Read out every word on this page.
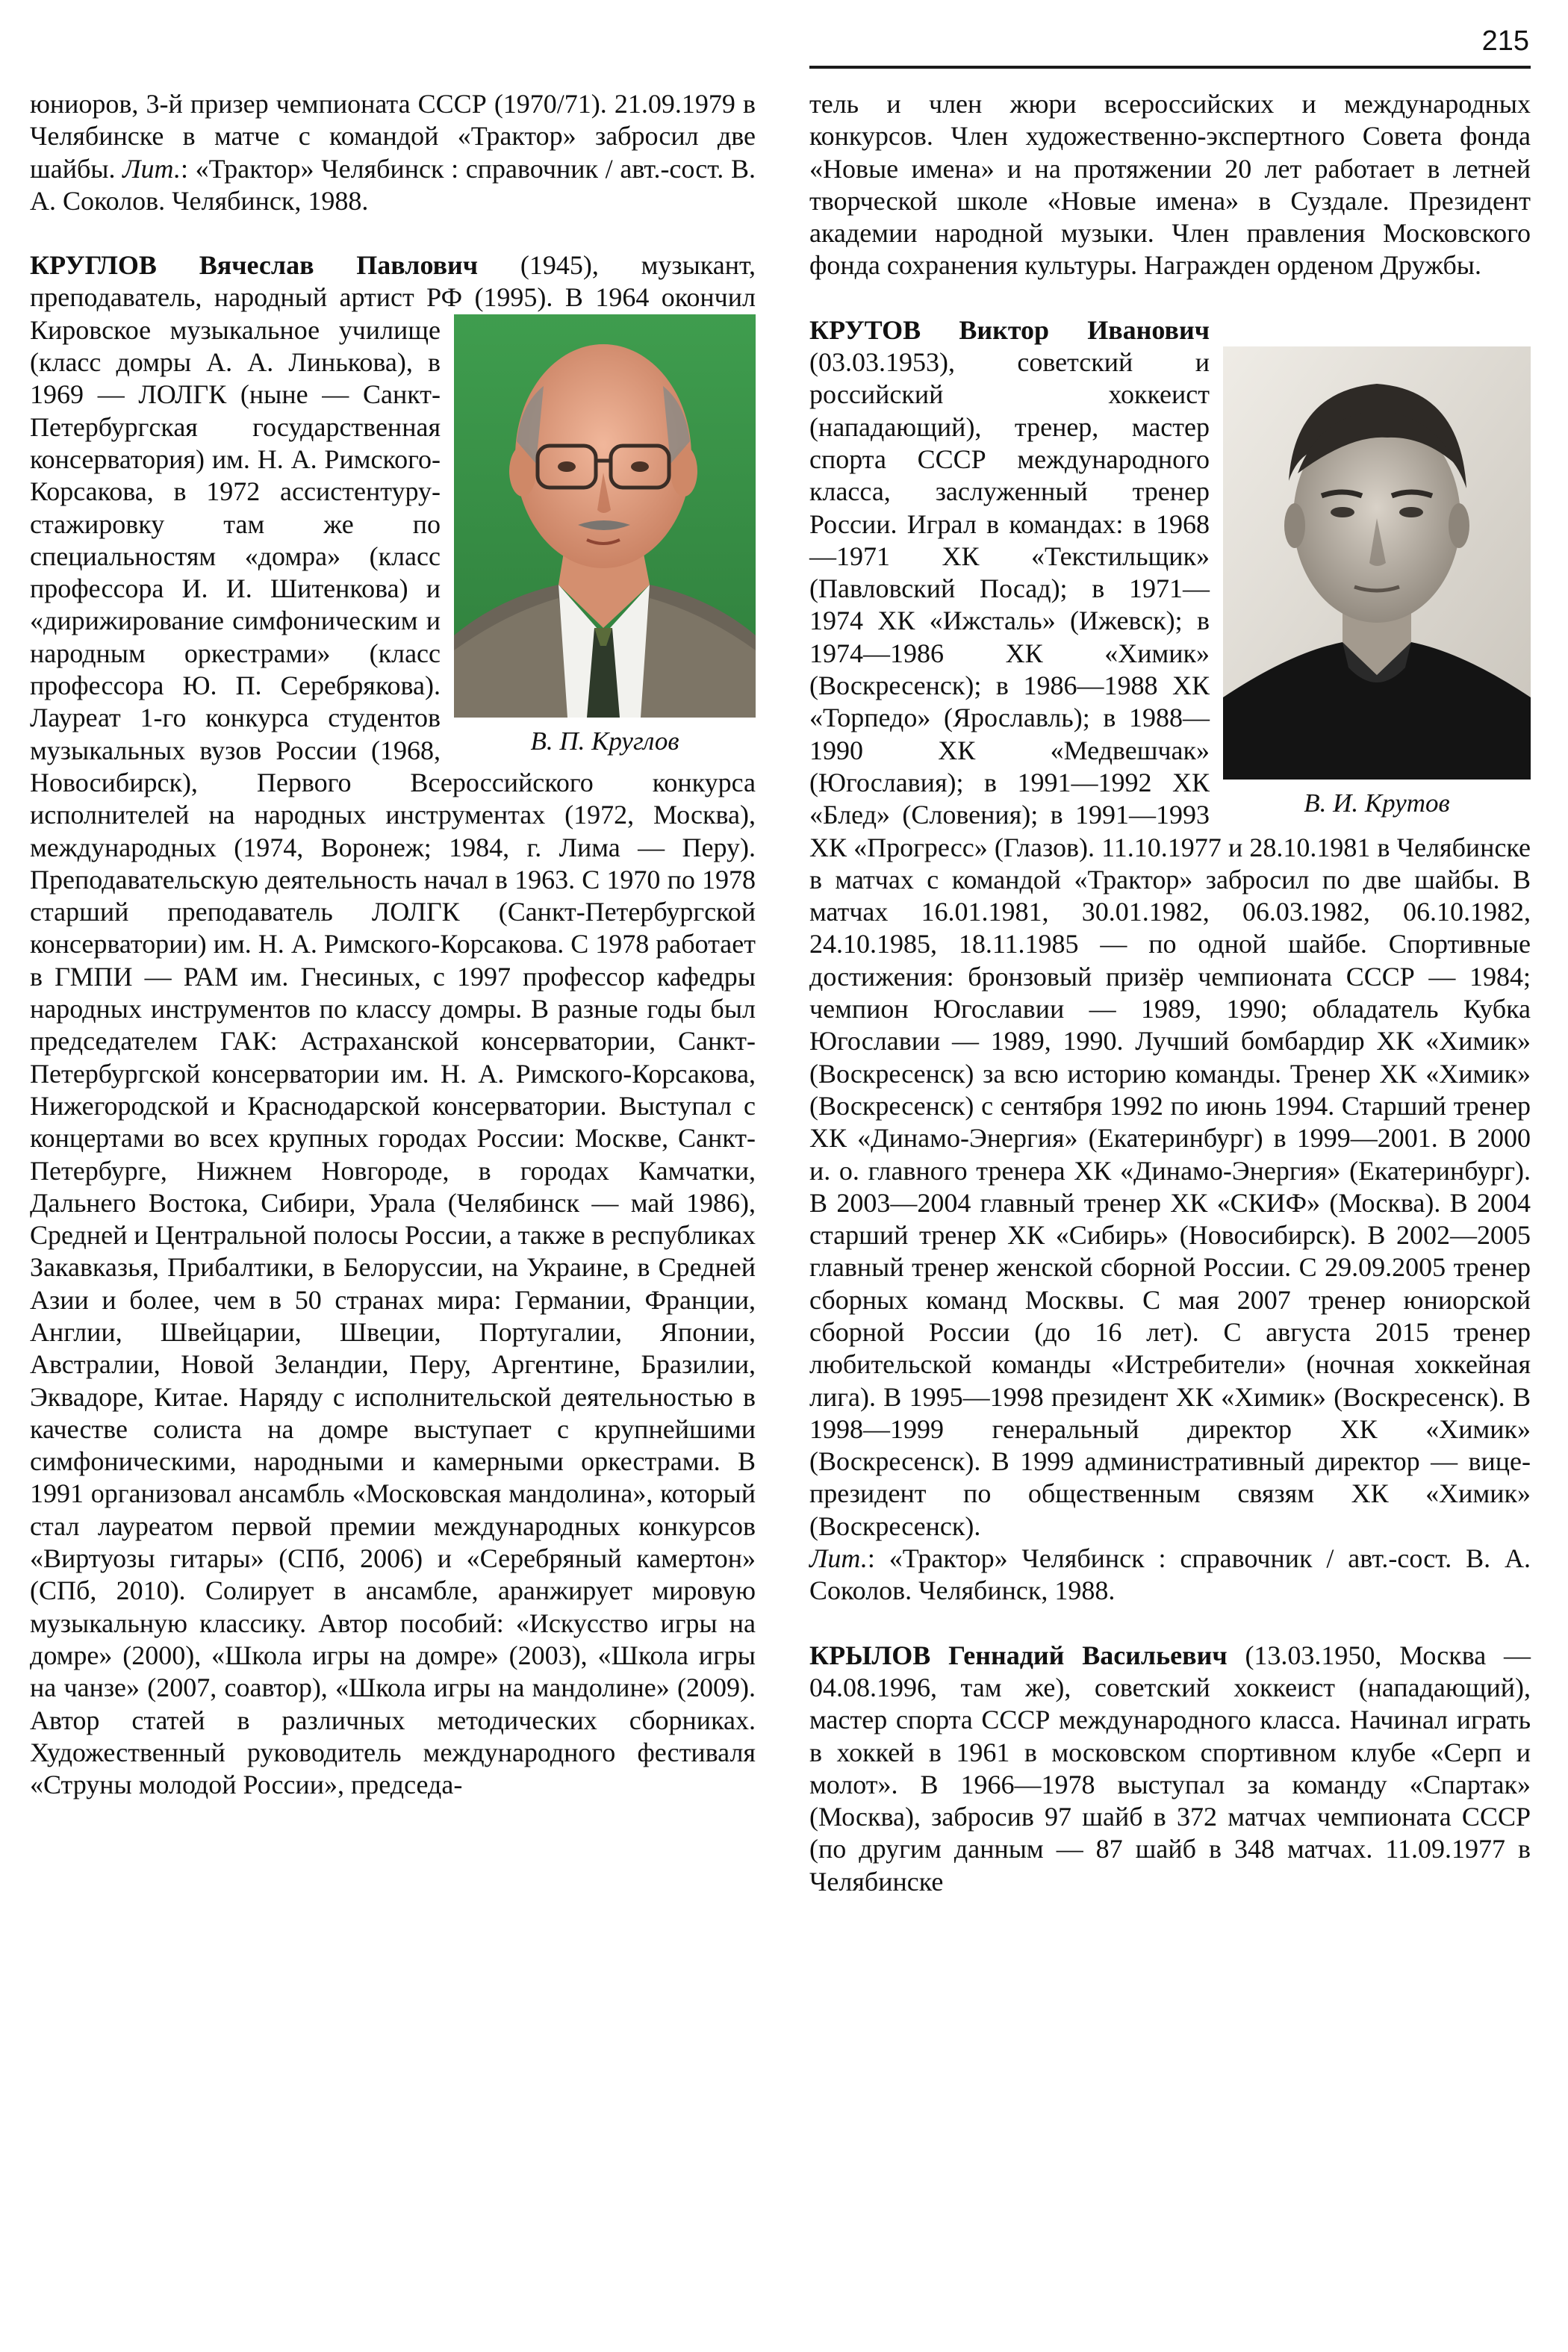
215

юниоров, 3-й призер чемпионата СССР (1970/71). 21.09.1979 в Челябинске в матче с командой «Трактор» забросил две шайбы. Лит.: «Трактор» Челябинск : справочник / авт.-сост. В. А. Соколов. Челябинск, 1988.

КРУГЛОВ Вячеслав Павлович (1945), музыкант, преподаватель, народный артист РФ (1995).
В. П. Круглов
В 1964 окончил Кировское музыкальное училище (класс домры А. А. Линькова), в 1969 — ЛОЛГК (ныне — Санкт-Петербургская государственная консерватория) им. Н. А. Римского-Корсакова, в 1972 ассистентуру-стажировку там же по специальностям «домра» (класс профессора И. И. Шитенкова) и «дирижирование симфоническим и народным оркестрами» (класс профессора Ю. П. Серебрякова). Лауреат 1-го конкурса студентов музыкальных вузов России (1968, Новосибирск), Первого Всероссийского конкурса исполнителей на народных инструментах (1972, Москва), международных (1974, Воронеж; 1984, г. Лима — Перу). Преподавательскую деятельность начал в 1963. С 1970 по 1978 старший преподаватель ЛОЛГК (Санкт-Петербургской консерватории) им. Н. А. Римского-Корсакова. С 1978 работает в ГМПИ — РАМ им. Гнесиных, с 1997 профессор кафедры народных инструментов по классу домры. В разные годы был председателем ГАК: Астраханской консерватории, Санкт-Петербургской консерватории им. Н. А. Римского-Корсакова, Нижегородской и Краснодарской консерватории. Выступал с концертами во всех крупных городах России: Москве, Санкт-Петербурге, Нижнем Новгороде, в городах Камчатки, Дальнего Востока, Сибири, Урала (Челябинск — май 1986), Средней и Центральной полосы России, а также в республиках Закавказья, Прибалтики, в Белоруссии, на Украине, в Средней Азии и более, чем в 50 странах мира: Германии, Франции, Англии, Швейцарии, Швеции, Португалии, Японии, Австралии, Новой Зеландии, Перу, Аргентине, Бразилии, Эквадоре, Китае. Наряду с исполнительской деятельностью в качестве солиста на домре выступает с крупнейшими симфоническими, народными и камерными оркестрами. В 1991 организовал ансамбль «Московская мандолина», который стал лауреатом первой премии международных конкурсов «Виртуозы гитары» (СПб, 2006) и «Серебряный камертон» (СПб, 2010). Солирует в ансамбле, аранжирует мировую музыкальную классику. Автор пособий: «Искусство игры на домре» (2000), «Школа игры на домре» (2003), «Школа игры на чанзе» (2007, соавтор), «Школа игры на мандолине» (2009). Автор статей в различных методических сборниках. Художественный руководитель международного фестиваля «Струны молодой России», председа-

тель и член жюри всероссийских и международных конкурсов. Член художественно-экспертного Совета фонда «Новые имена» и на протяжении 20 лет работает в летней творческой школе «Новые имена» в Суздале. Президент академии народной музыки. Член правления Московского фонда сохранения культуры. Награжден орденом Дружбы.

КРУТОВ Виктор Иванович
В. И. Крутов
(03.03.1953), советский и российский хоккеист (нападающий), тренер, мастер спорта СССР международного класса, заслуженный тренер России. Играл в командах: в 1968—1971 ХК «Текстильщик» (Павловский Посад); в 1971—1974 ХК «Ижсталь» (Ижевск); в 1974—1986 ХК «Химик» (Воскресенск); в 1986—1988 ХК «Торпедо» (Ярославль); в 1988—1990 ХК «Медвешчак» (Югославия); в 1991—1992 ХК «Блед» (Словения); в 1991—1993 ХК «Прогресс» (Глазов). 11.10.1977 и 28.10.1981 в Челябинске в матчах с командой «Трактор» забросил по две шайбы. В матчах 16.01.1981, 30.01.1982, 06.03.1982, 06.10.1982, 24.10.1985, 18.11.1985 — по одной шайбе. Спортивные достижения: бронзовый призёр чемпионата СССР — 1984; чемпион Югославии — 1989, 1990; обладатель Кубка Югославии — 1989, 1990. Лучший бомбардир ХК «Химик» (Воскресенск) за всю историю команды. Тренер ХК «Химик» (Воскресенск) с сентября 1992 по июнь 1994. Старший тренер ХК «Динамо-Энергия» (Екатеринбург) в 1999—2001. В 2000 и. о. главного тренера ХК «Динамо-Энергия» (Екатеринбург). В 2003—2004 главный тренер ХК «СКИФ» (Москва). В 2004 старший тренер ХК «Сибирь» (Новосибирск). В 2002—2005 главный тренер женской сборной России. С 29.09.2005 тренер сборных команд Москвы. С мая 2007 тренер юниорской сборной России (до 16 лет). С августа 2015 тренер любительской команды «Истребители» (ночная хоккейная лига). В 1995—1998 президент ХК «Химик» (Воскресенск). В 1998—1999 генеральный директор ХК «Химик» (Воскресенск). В 1999 административный директор — вице-президент по общественным связям ХК «Химик» (Воскресенск).
Лит.: «Трактор» Челябинск : справочник / авт.-сост. В. А. Соколов. Челябинск, 1988.

КРЫЛОВ Геннадий Васильевич (13.03.1950, Москва — 04.08.1996, там же), советский хоккеист (нападающий), мастер спорта СССР международного класса. Начинал играть в хоккей в 1961 в московском спортивном клубе «Серп и молот». В 1966—1978 выступал за команду «Спартак» (Москва), забросив 97 шайб в 372 матчах чемпионата СССР (по другим данным — 87 шайб в 348 матчах. 11.09.1977 в Челябинске
